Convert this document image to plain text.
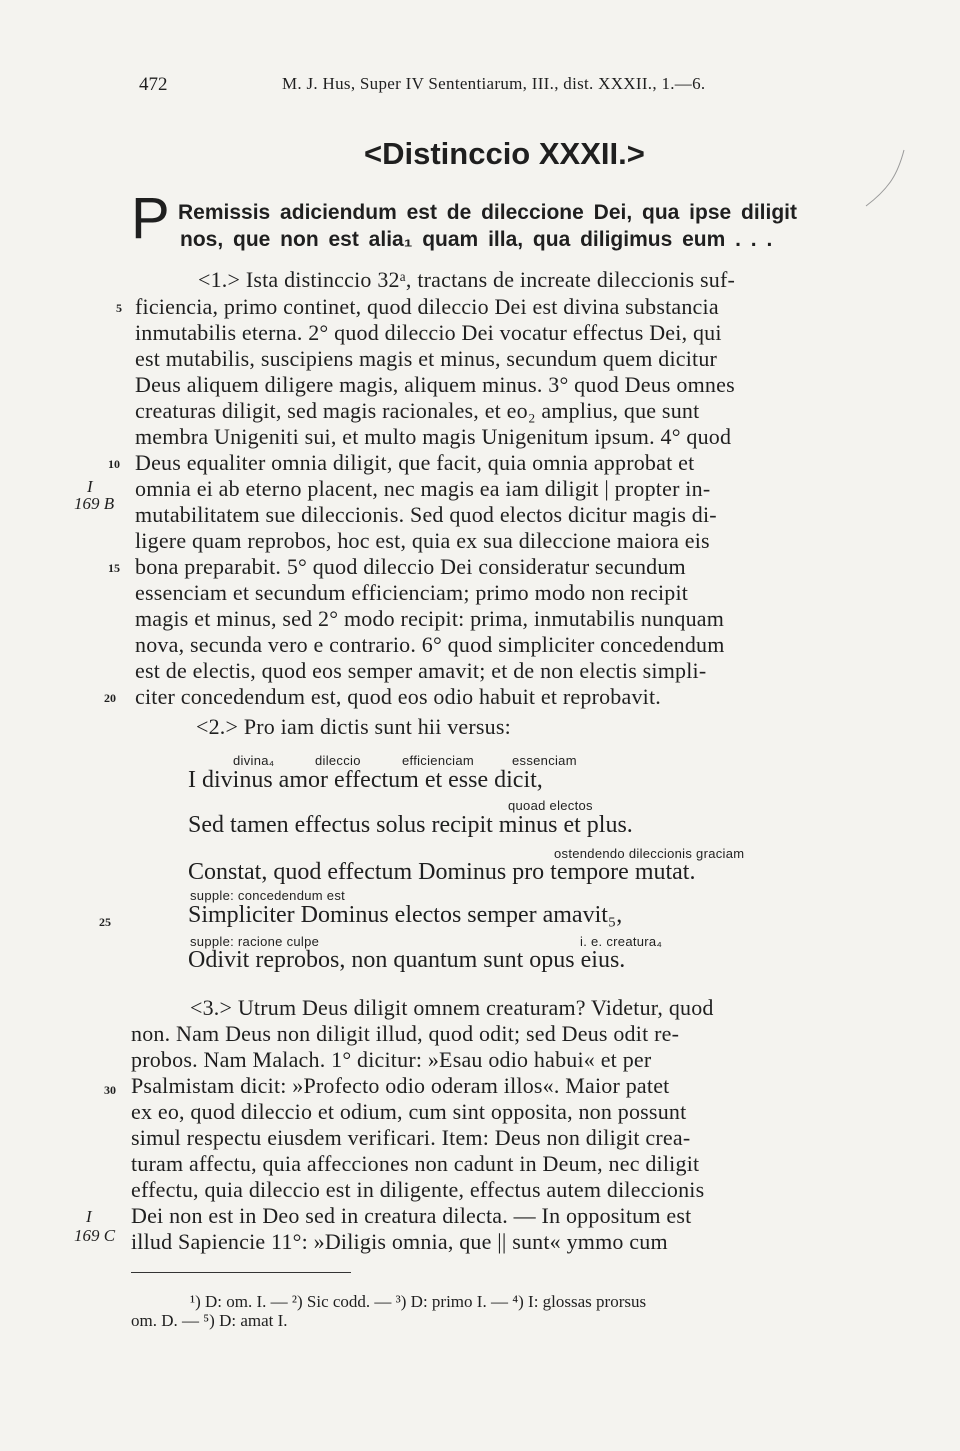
472	M. J. Hus, Super IV Sententiarum, III., dist. XXXII., 1.—6.
<Distinccio XXXII.>
P Remissis adiciendum est de dileccione Dei, qua ipse diligit
nos, que non est alia₁ quam illa, qua diligimus eum . . .
<1.> Ista distinccio 32ᵃ, tractans de increate dileccionis suf-
ficiencia, primo continet, quod dileccio Dei est divina substancia
inmutabilis eterna. 2° quod dileccio Dei vocatur effectus Dei, qui
est mutabilis, suscipiens magis et minus, secundum quem dicitur
Deus aliquem diligere magis, aliquem minus. 3° quod Deus omnes
creaturas diligit, sed magis racionales, et eo₂ amplius, que sunt
membra Unigeniti sui, et multo magis Unigenitum ipsum. 4° quod
Deus equaliter omnia diligit, que facit, quia omnia approbat et
omnia ei ab eterno placent, nec magis ea iam diligit | propter in-
mutabilitatem sue dileccionis. Sed quod electos dicitur magis di-
ligere quam reprobos, hoc est, quia ex sua dileccione maiora eis
bona preparabit. 5° quod dileccio Dei consideratur secundum
essenciam et secundum efficienciam; primo modo non recipit
magis et minus, sed 2° modo recipit: prima, inmutabilis nunquam
nova, secunda vero e contrario. 6° quod simpliciter concedendum
est de electis, quod eos semper amavit; et de non electis simpli-
citer concedendum est, quod eos odio habuit et reprobavit.
<2.> Pro iam dictis sunt hii versus:
5
10
15
20
25
30
I
169 B
I
169 C
divina₄	dileccio	efficienciam	essenciam
I divinus amor effectum et esse dicit,
quoad electos
Sed tamen effectus solus recipit minus et plus.
ostendendo dileccionis graciam
Constat, quod effectum Dominus pro tempore mutat.
supple: concedendum est
Simpliciter Dominus electos semper amavit₅,
supple: racione culpe	i. e. creatura₄
Odivit reprobos, non quantum sunt opus eius.
<3.> Utrum Deus diligit omnem creaturam? Videtur, quod
non. Nam Deus non diligit illud, quod odit; sed Deus odit re-
probos. Nam Malach. 1° dicitur: »Esau odio habui« et per
Psalmistam dicit: »Profecto odio oderam illos«. Maior patet
ex eo, quod dileccio et odium, cum sint opposita, non possunt
simul respectu eiusdem verificari. Item: Deus non diligit crea-
turam affectu, quia affecciones non cadunt in Deum, nec diligit
effectu, quia dileccio est in diligente, effectus autem dileccionis
Dei non est in Deo sed in creatura dilecta. — In oppositum est
illud Sapiencie 11°: »Diligis omnia, que || sunt« ymmo cum
¹) D: om. I. — ²) Sic codd. — ³) D: primo I. — ⁴) I: glossas prorsus
om. D. — ⁵) D: amat I.
